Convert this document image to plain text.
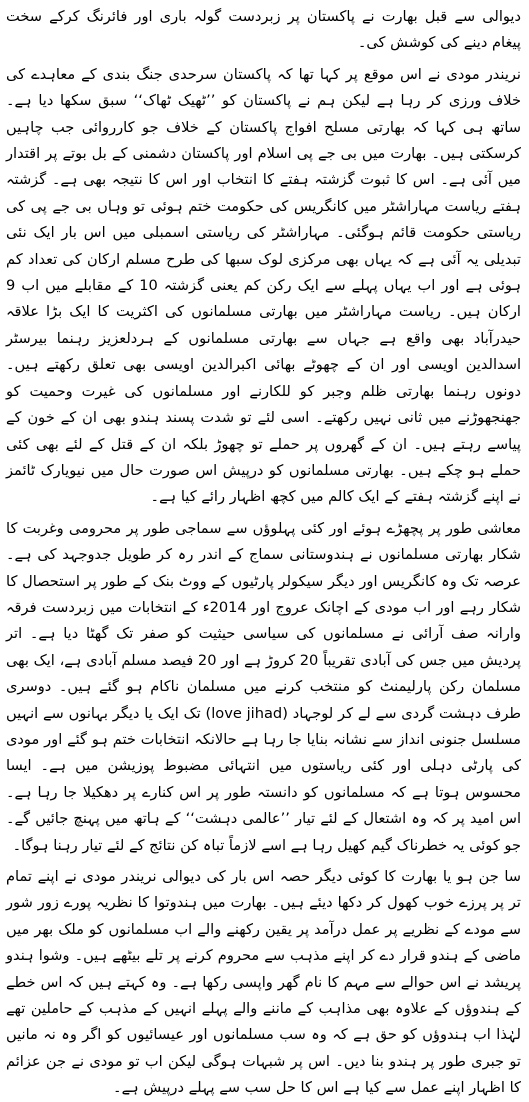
دیوالی سے قبل بھارت نے پاکستان پر زبردست گولہ باری اور فائرنگ کرکے سخت پیغام دینے کی کوشش کی۔

نریندر مودی نے اس موقع پر کہا تھا کہ پاکستان سرحدی جنگ بندی کے معاہدے کی خلاف ورزی کر رہا ہے لیکن ہم نے پاکستان کو ’’ٹھیک ٹھاک‘‘ سبق سکھا دیا ہے۔ ساتھ ہی کہا کہ بھارتی مسلح افواج پاکستان کے خلاف جو کارروائی جب چاہیں کرسکتی ہیں۔ بھارت میں بی جے پی اسلام اور پاکستان دشمنی کے بل بوتے پر اقتدار میں آئی ہے۔ اس کا ثبوت گزشتہ ہفتے کا انتخاب اور اس کا نتیجہ بھی ہے۔ گزشتہ ہفتے ریاست مہاراشٹر میں کانگریس کی حکومت ختم ہوئی تو وہاں بی جے پی کی ریاستی حکومت قائم ہوگئی۔ مہاراشٹر کی ریاستی اسمبلی میں اس بار ایک نئی تبدیلی یہ آئی ہے کہ یہاں بھی مرکزی لوک سبھا کی طرح مسلم ارکان کی تعداد کم ہوئی ہے اور اب یہاں پہلے سے ایک رکن کم یعنی گزشتہ 10 کے مقابلے میں اب 9 ارکان ہیں۔ ریاست مہاراشٹر میں بھارتی مسلمانوں کی اکثریت کا ایک بڑا علاقہ حیدرآباد بھی واقع ہے جہاں سے بھارتی مسلمانوں کے ہردلعزیز رہنما بیرسٹر اسدالدین اویسی اور ان کے چھوٹے بھائی اکبرالدین اویسی بھی تعلق رکھتے ہیں۔ دونوں رہنما بھارتی ظلم وجبر کو للکارنے اور مسلمانوں کی غیرت وحمیت کو جھنجھوڑنے میں ثانی نہیں رکھتے۔ اسی لئے تو شدت پسند ہندو بھی ان کے خون کے پیاسے رہتے ہیں۔ ان کے گھروں پر حملے تو چھوڑ بلکہ ان کے قتل کے لئے بھی کئی حملے ہو چکے ہیں۔ بھارتی مسلمانوں کو درپیش اس صورت حال میں نیویارک ٹائمز نے اپنے گزشتہ ہفتے کے ایک کالم میں کچھ اظہار رائے کیا ہے۔

معاشی طور پر پچھڑے ہوئے اور کئی پہلوؤں سے سماجی طور پر محرومی وغربت کا شکار بھارتی مسلمانوں نے ہندوستانی سماج کے اندر رہ کر طویل جدوجہد کی ہے۔ عرصہ تک وہ کانگریس اور دیگر سیکولر پارٹیوں کے ووٹ بنک کے طور پر استحصال کا شکار رہے اور اب مودی کے اچانک عروج اور 2014ء کے انتخابات میں زبردست فرقہ وارانہ صف آرائی نے مسلمانوں کی سیاسی حیثیت کو صفر تک گھٹا دیا ہے۔ اتر پردیش میں جس کی آبادی تقریباً 20 کروڑ ہے اور 20 فیصد مسلم آبادی ہے، ایک بھی مسلمان رکن پارلیمنٹ کو منتخب کرنے میں مسلمان ناکام ہو گئے ہیں۔ دوسری طرف دہشت گردی سے لے کر لوجہاد (love jihad) تک ایک یا دیگر بہانوں سے انہیں مسلسل جنونی انداز سے نشانہ بنایا جا رہا ہے حالانکہ انتخابات ختم ہو گئے اور مودی کی پارٹی دہلی اور کئی ریاستوں میں انتہائی مضبوط پوزیشن میں ہے۔ ایسا محسوس ہوتا ہے کہ مسلمانوں کو دانستہ طور پر اس کنارے پر دھکیلا جا رہا ہے۔ اس امید پر کہ وہ اشتعال کے لئے تیار ’’عالمی دہشت‘‘ کے ہاتھ میں پہنچ جائیں گے۔ جو کوئی یہ خطرناک گیم کھیل رہا ہے اسے لازماً تباہ کن نتائج کے لئے تیار رہنا ہوگا۔

سا جن ہو یا بھارت کا کوئی دیگر حصہ اس بار کی دیوالی نریندر مودی نے اپنے تمام تر پر پرزے خوب کھول کر دکھا دیئے ہیں۔ بھارت میں ہندوتوا کا نظریہ پورے زور شور سے مودے کے نظریے پر عمل درآمد پر یقین رکھنے والے اب مسلمانوں کو ملک بھر میں ماضی کے ہندو قرار دے کر اپنے مذہب سے محروم کرنے پر تلے بیٹھے ہیں۔ وشوا ہندو پریشد نے اس حوالے سے مہم کا نام گھر واپسی رکھا ہے۔ وہ کہتے ہیں کہ اس خطے کے ہندوؤں کے علاوہ بھی مذاہب کے ماننے والے پہلے انہیں کے مذہب کے حاملین تھے لہٰذا اب ہندوؤں کو حق ہے کہ وہ سب مسلمانوں اور عیسائیوں کو اگر وہ نہ مانیں تو جبری طور پر ہندو بنا دیں۔ اس پر شبہات ہوگی لیکن اب تو مودی نے جن عزائم کا اظہار اپنے عمل سے کیا ہے اس کا حل سب سے پہلے درپیش ہے۔
